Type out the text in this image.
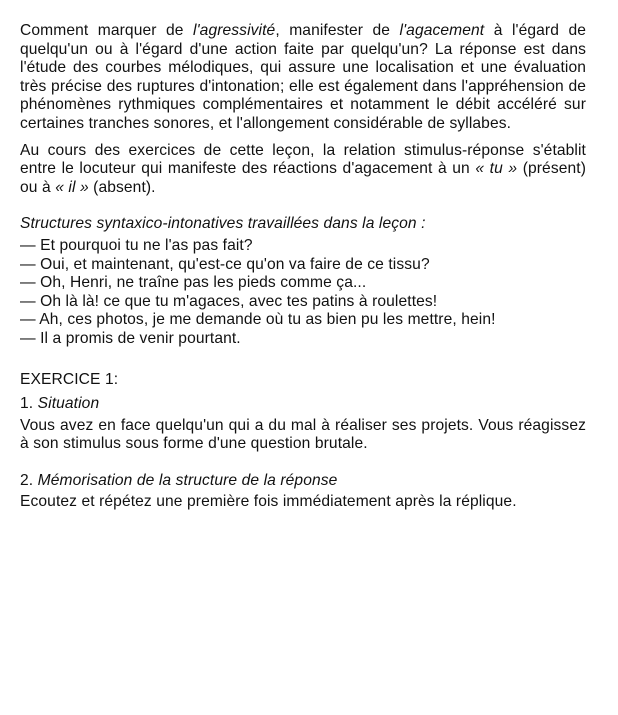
Comment marquer de l'agressivité, manifester de l'agacement à l'égard de quelqu'un ou à l'égard d'une action faite par quelqu'un? La réponse est dans l'étude des courbes mélodiques, qui assure une localisation et une évaluation très précise des ruptures d'intonation; elle est également dans l'appréhension de phénomènes rythmiques complémentaires et notamment le débit accéléré sur certaines tranches sonores, et l'allongement considérable de syllabes.

Au cours des exercices de cette leçon, la relation stimulus-réponse s'établit entre le locuteur qui manifeste des réactions d'agacement à un « tu » (présent) ou à « il » (absent).

Structures syntaxico-intonatives travaillées dans la leçon :

— Et pourquoi tu ne l'as pas fait?
— Oui, et maintenant, qu'est-ce qu'on va faire de ce tissu?
— Oh, Henri, ne traîne pas les pieds comme ça...
— Oh là là! ce que tu m'agaces, avec tes patins à roulettes!
— Ah, ces photos, je me demande où tu as bien pu les mettre, hein!
— Il a promis de venir pourtant.

EXERCICE 1:

1. Situation

Vous avez en face quelqu'un qui a du mal à réaliser ses projets. Vous réagissez à son stimulus sous forme d'une question brutale.

2. Mémorisation de la structure de la réponse

Ecoutez et répétez une première fois immédiatement après la réplique.
